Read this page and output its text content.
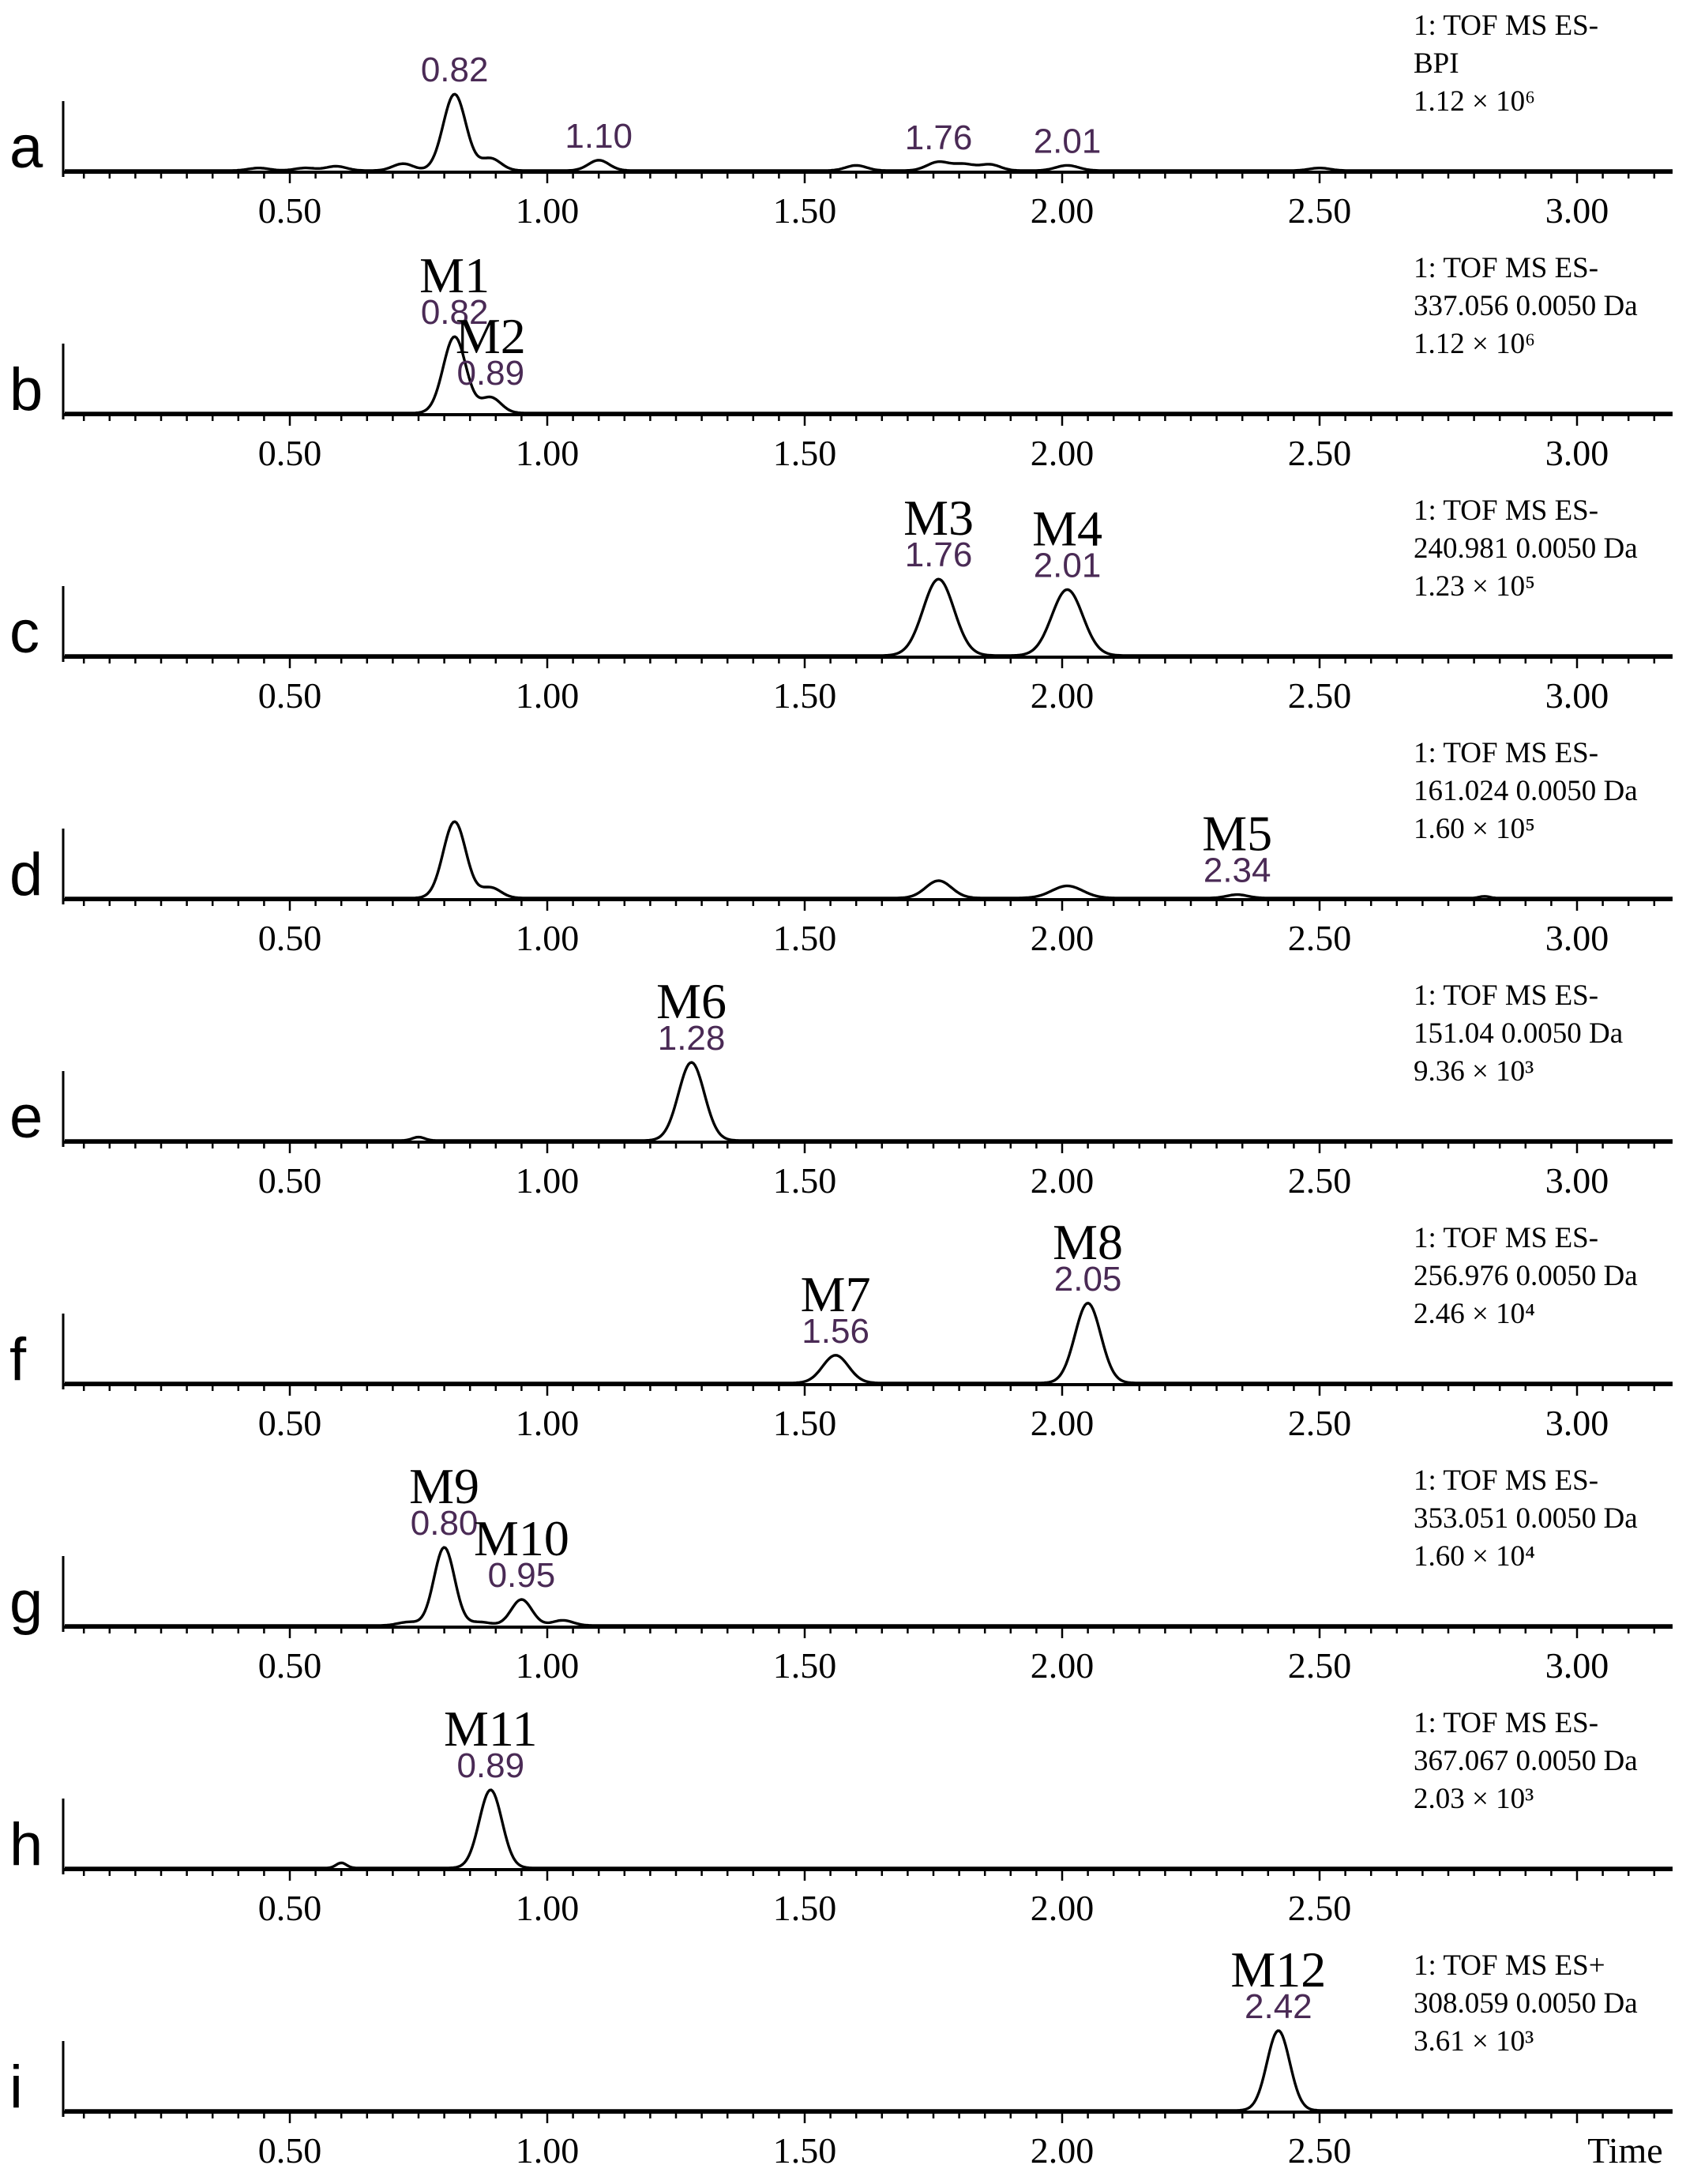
a
0.50	1.00	1.50	2.00	2.50	3.00
0.82
1.10	1.76 2.01
1: TOF MS ES-
BPI
1.12 × 10⁶
b
0.50	1.00	1.50	2.00	2.50	3.00
0.82
M1
0.89
M2
1: TOF MS ES-
337.056 0.0050 Da
1.12 × 10⁶
c
0.50	1.00	1.50	2.00	2.50	3.00
1.76
M3
2.01
M4	1: TOF MS ES-
240.981 0.0050 Da
1.23 × 10⁵
d
0.50	1.00	1.50	2.00	2.50	3.00
2.34
M5
1: TOF MS ES-
161.024 0.0050 Da
1.60 × 10⁵
e
0.50	1.00	1.50	2.00	2.50	3.00
1.28
M6	1: TOF MS ES-
151.04 0.0050 Da
9.36 × 10³
f
0.50	1.00	1.50	2.00	2.50	3.00
1.56
M7	2.05
M8	1: TOF MS ES-
256.976 0.0050 Da
2.46 × 10⁴
g
0.50	1.00	1.50	2.00	2.50	3.00
0.80
M9
0.95
M10
1: TOF MS ES-
353.051 0.0050 Da
1.60 × 10⁴
h
0.50	1.00	1.50	2.00	2.50
0.89
M11	1: TOF MS ES-
367.067 0.0050 Da
2.03 × 10³
i
0.50	1.00	1.50	2.00	2.50	Time
2.42
M12	1: TOF MS ES+
308.059 0.0050 Da
3.61 × 10³
